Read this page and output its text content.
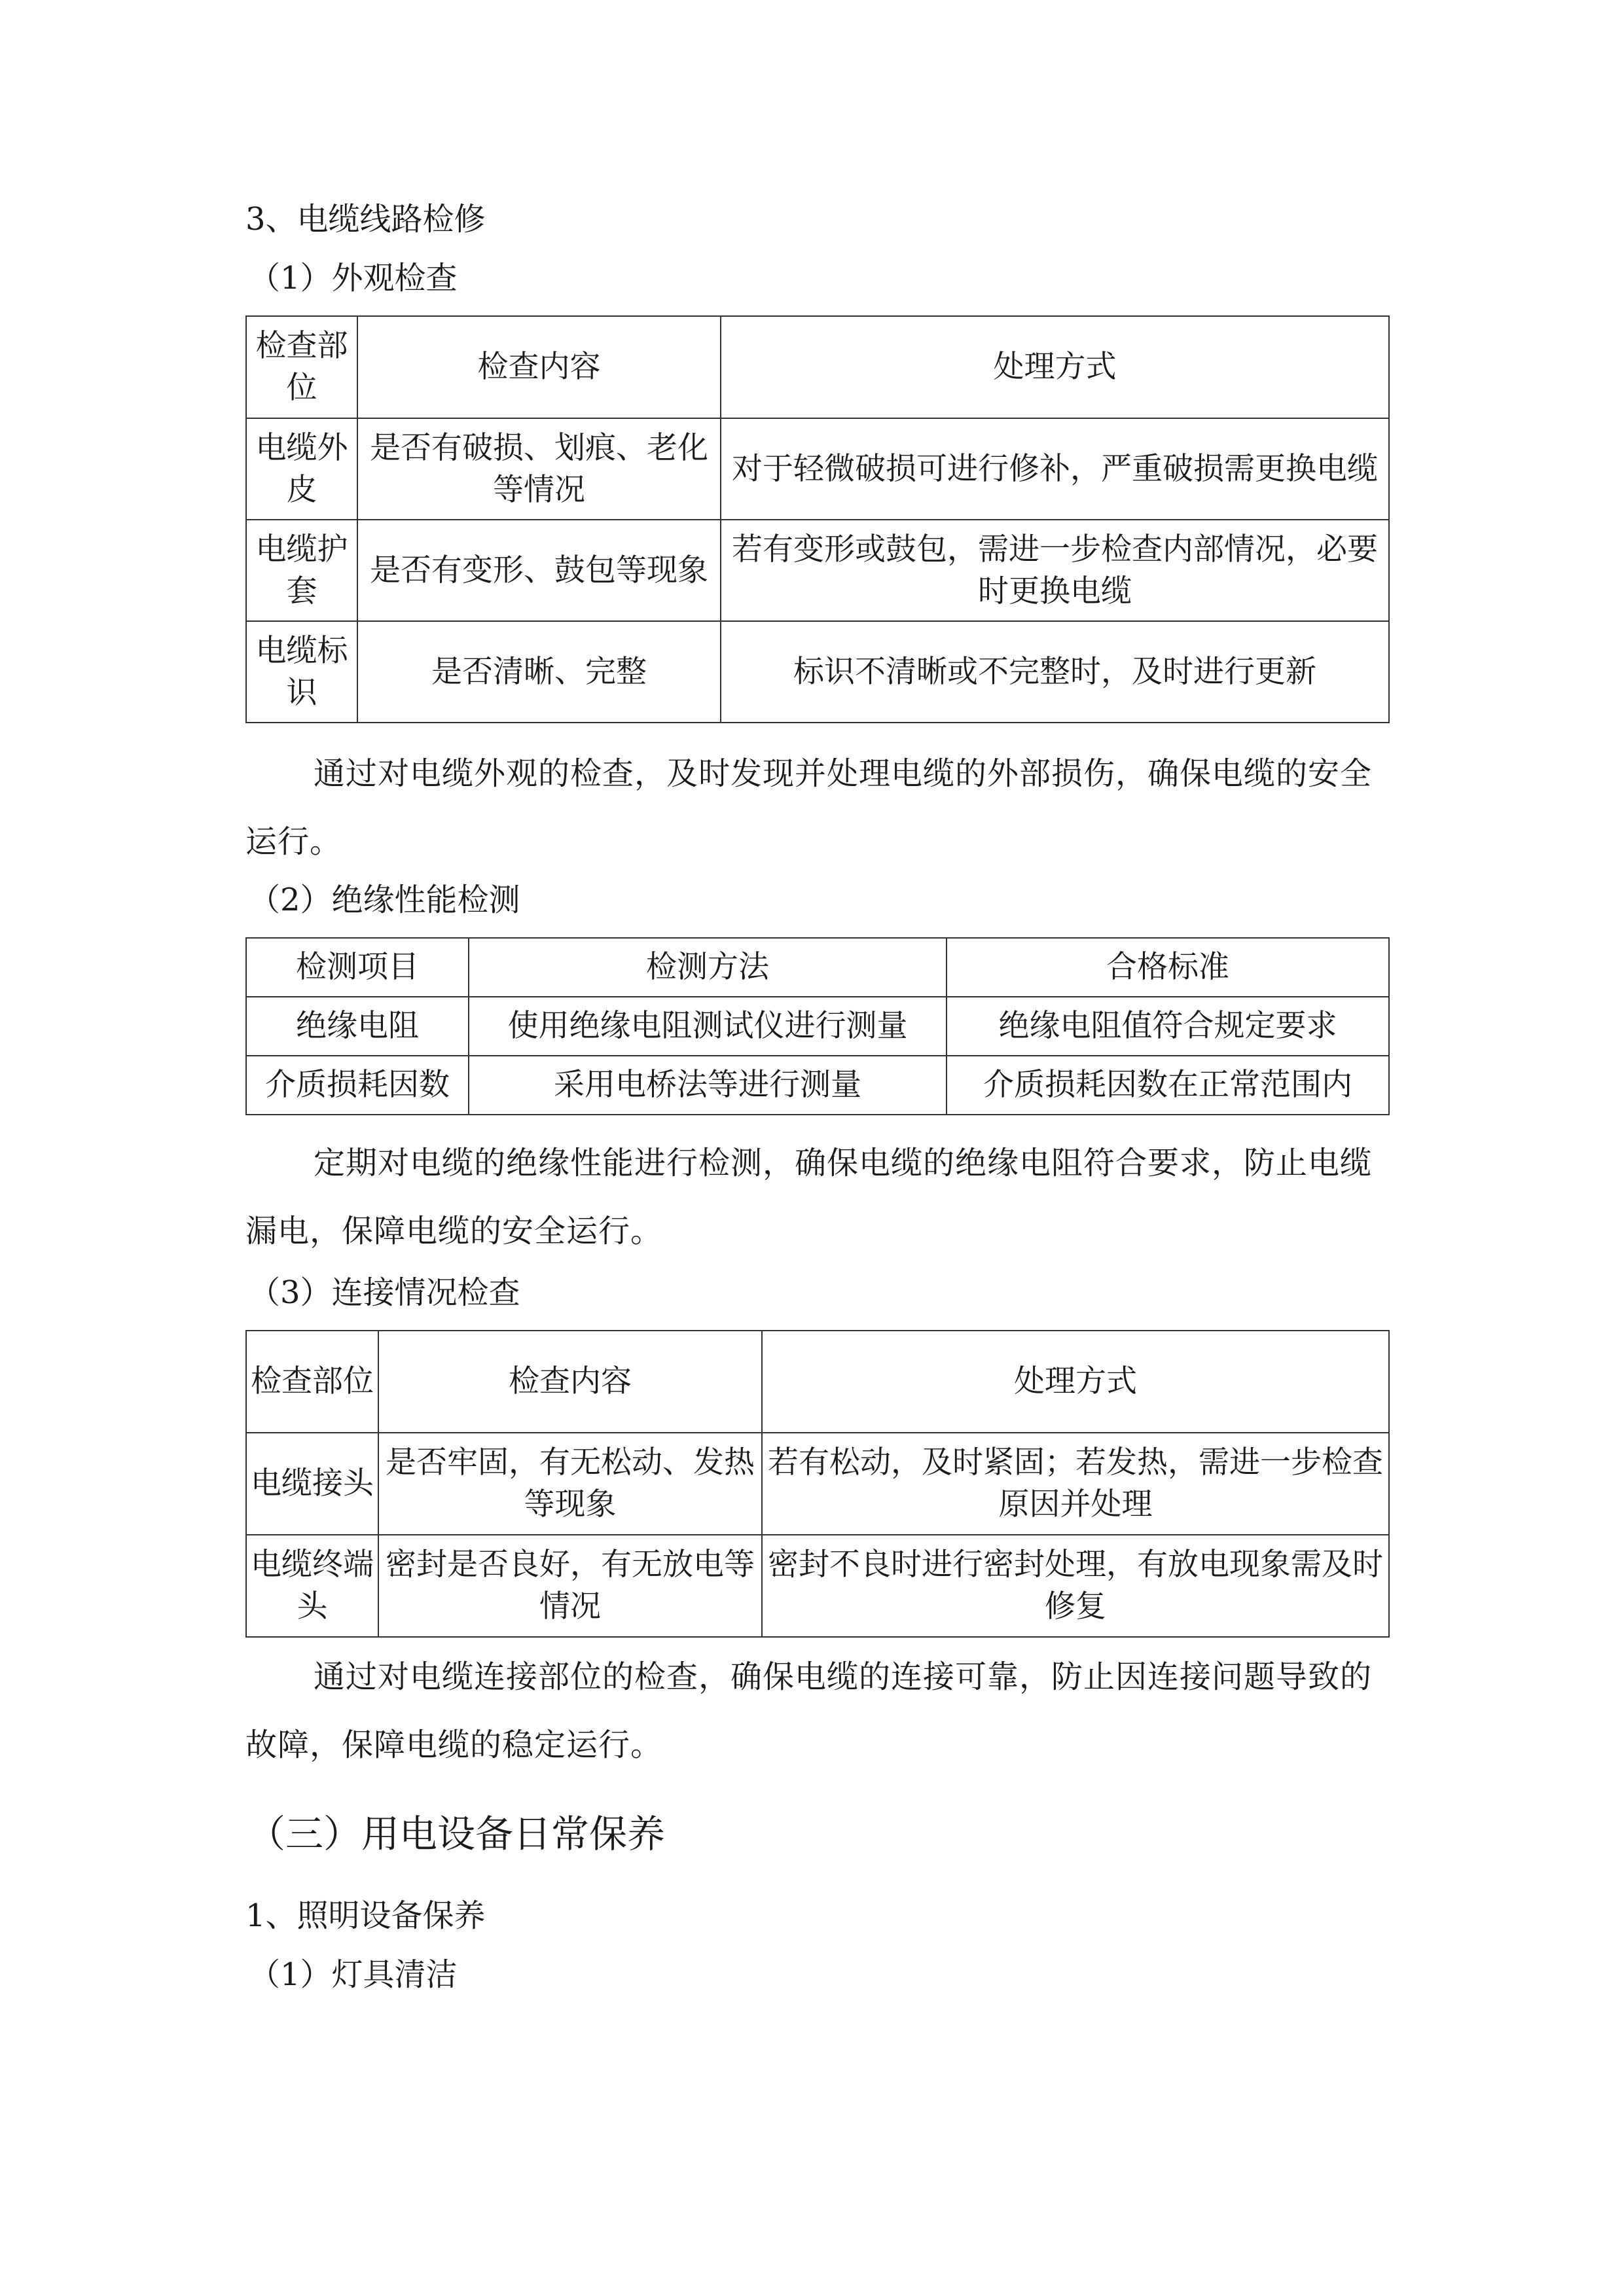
3、电缆线路检修
（1）外观检查
检查部位	检查内容	处理方式
电缆外皮	是否有破损、划痕、老化等情况	对于轻微破损可进行修补，严重破损需更换电缆
电缆护套	是否有变形、鼓包等现象	若有变形或鼓包，需进一步检查内部情况，必要时更换电缆
电缆标识	是否清晰、完整	标识不清晰或不完整时，及时进行更新
通过对电缆外观的检查，及时发现并处理电缆的外部损伤，确保电缆的安全运行。
（2）绝缘性能检测
检测项目	检测方法	合格标准
绝缘电阻	使用绝缘电阻测试仪进行测量	绝缘电阻值符合规定要求
介质损耗因数	采用电桥法等进行测量	介质损耗因数在正常范围内
定期对电缆的绝缘性能进行检测，确保电缆的绝缘电阻符合要求，防止电缆漏电，保障电缆的安全运行。
（3）连接情况检查
检查部位	检查内容	处理方式
电缆接头	是否牢固，有无松动、发热等现象	若有松动，及时紧固；若发热，需进一步检查原因并处理
电缆终端头	密封是否良好，有无放电等情况	密封不良时进行密封处理，有放电现象需及时修复
通过对电缆连接部位的检查，确保电缆的连接可靠，防止因连接问题导致的故障，保障电缆的稳定运行。
（三）用电设备日常保养
1、照明设备保养
（1）灯具清洁
